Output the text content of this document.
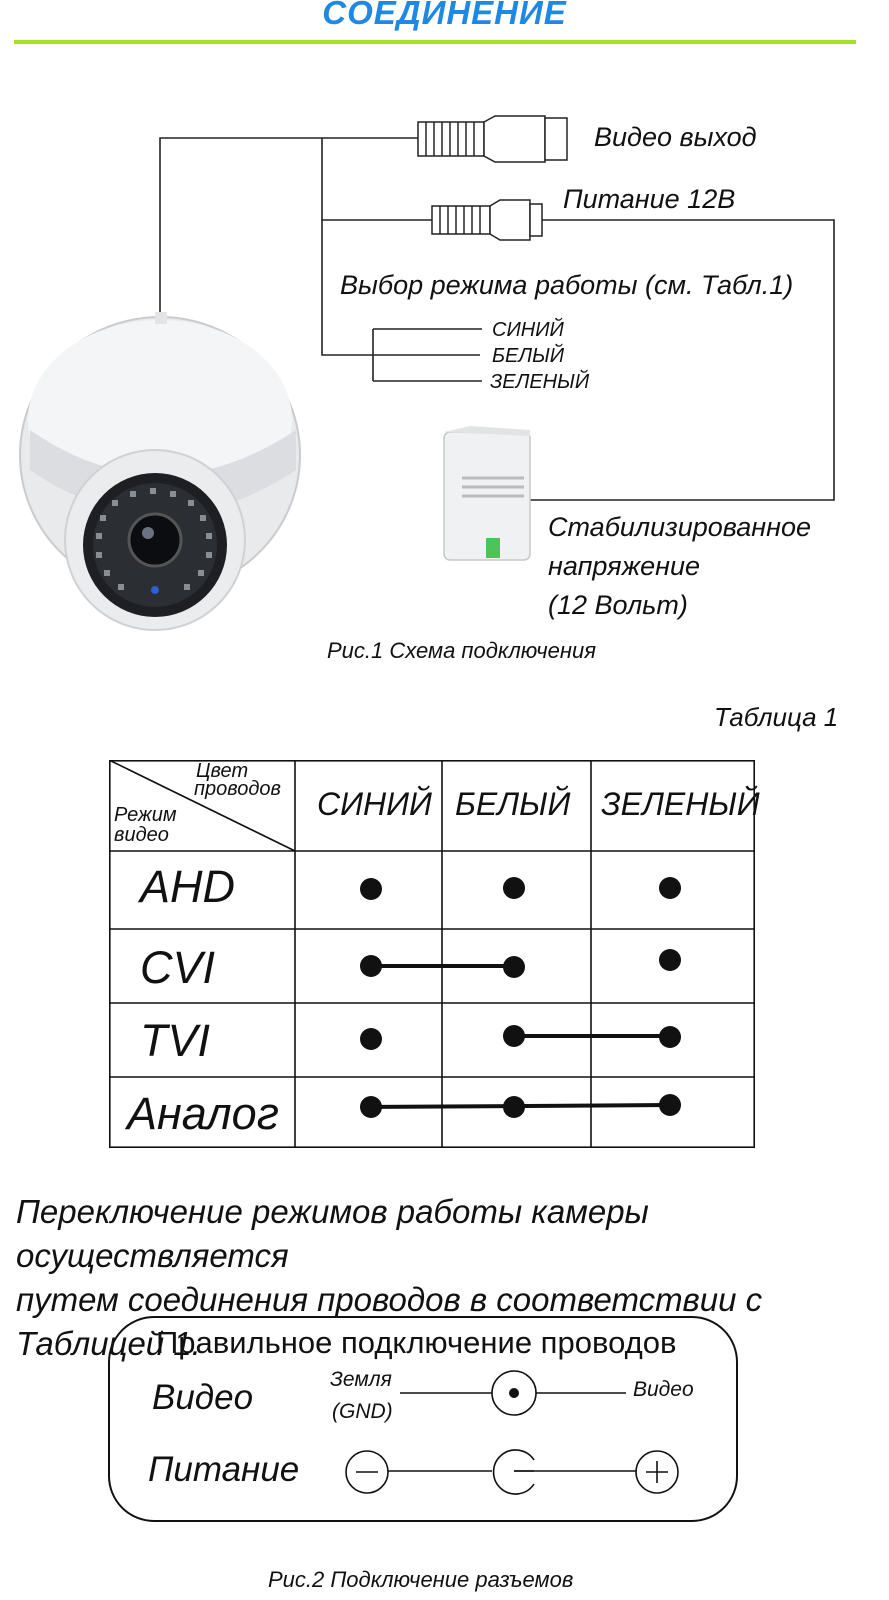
СОЕДИНЕНИЕ
Видео выход
Питание 12В
Выбор режима работы (см. Табл.1)
СИНИЙ
БЕЛЫЙ
ЗЕЛЕНЫЙ
Стабилизированное
напряжение
(12 Вольт)
Рис.1 Схема подключения
Таблица 1
Цвет
проводов
Режим
видео
СИНИЙ БЕЛЫЙ ЗЕЛЕНЫЙ
AHD
CVI
TVI
Аналог
Переключение режимов работы камеры осуществляется
путем соединения проводов в соответствии с Таблицей 1.
Правильное подключение проводов
Видео	Земля
(GND)
Видео
Питание
Рис.2 Подключение разъемов
